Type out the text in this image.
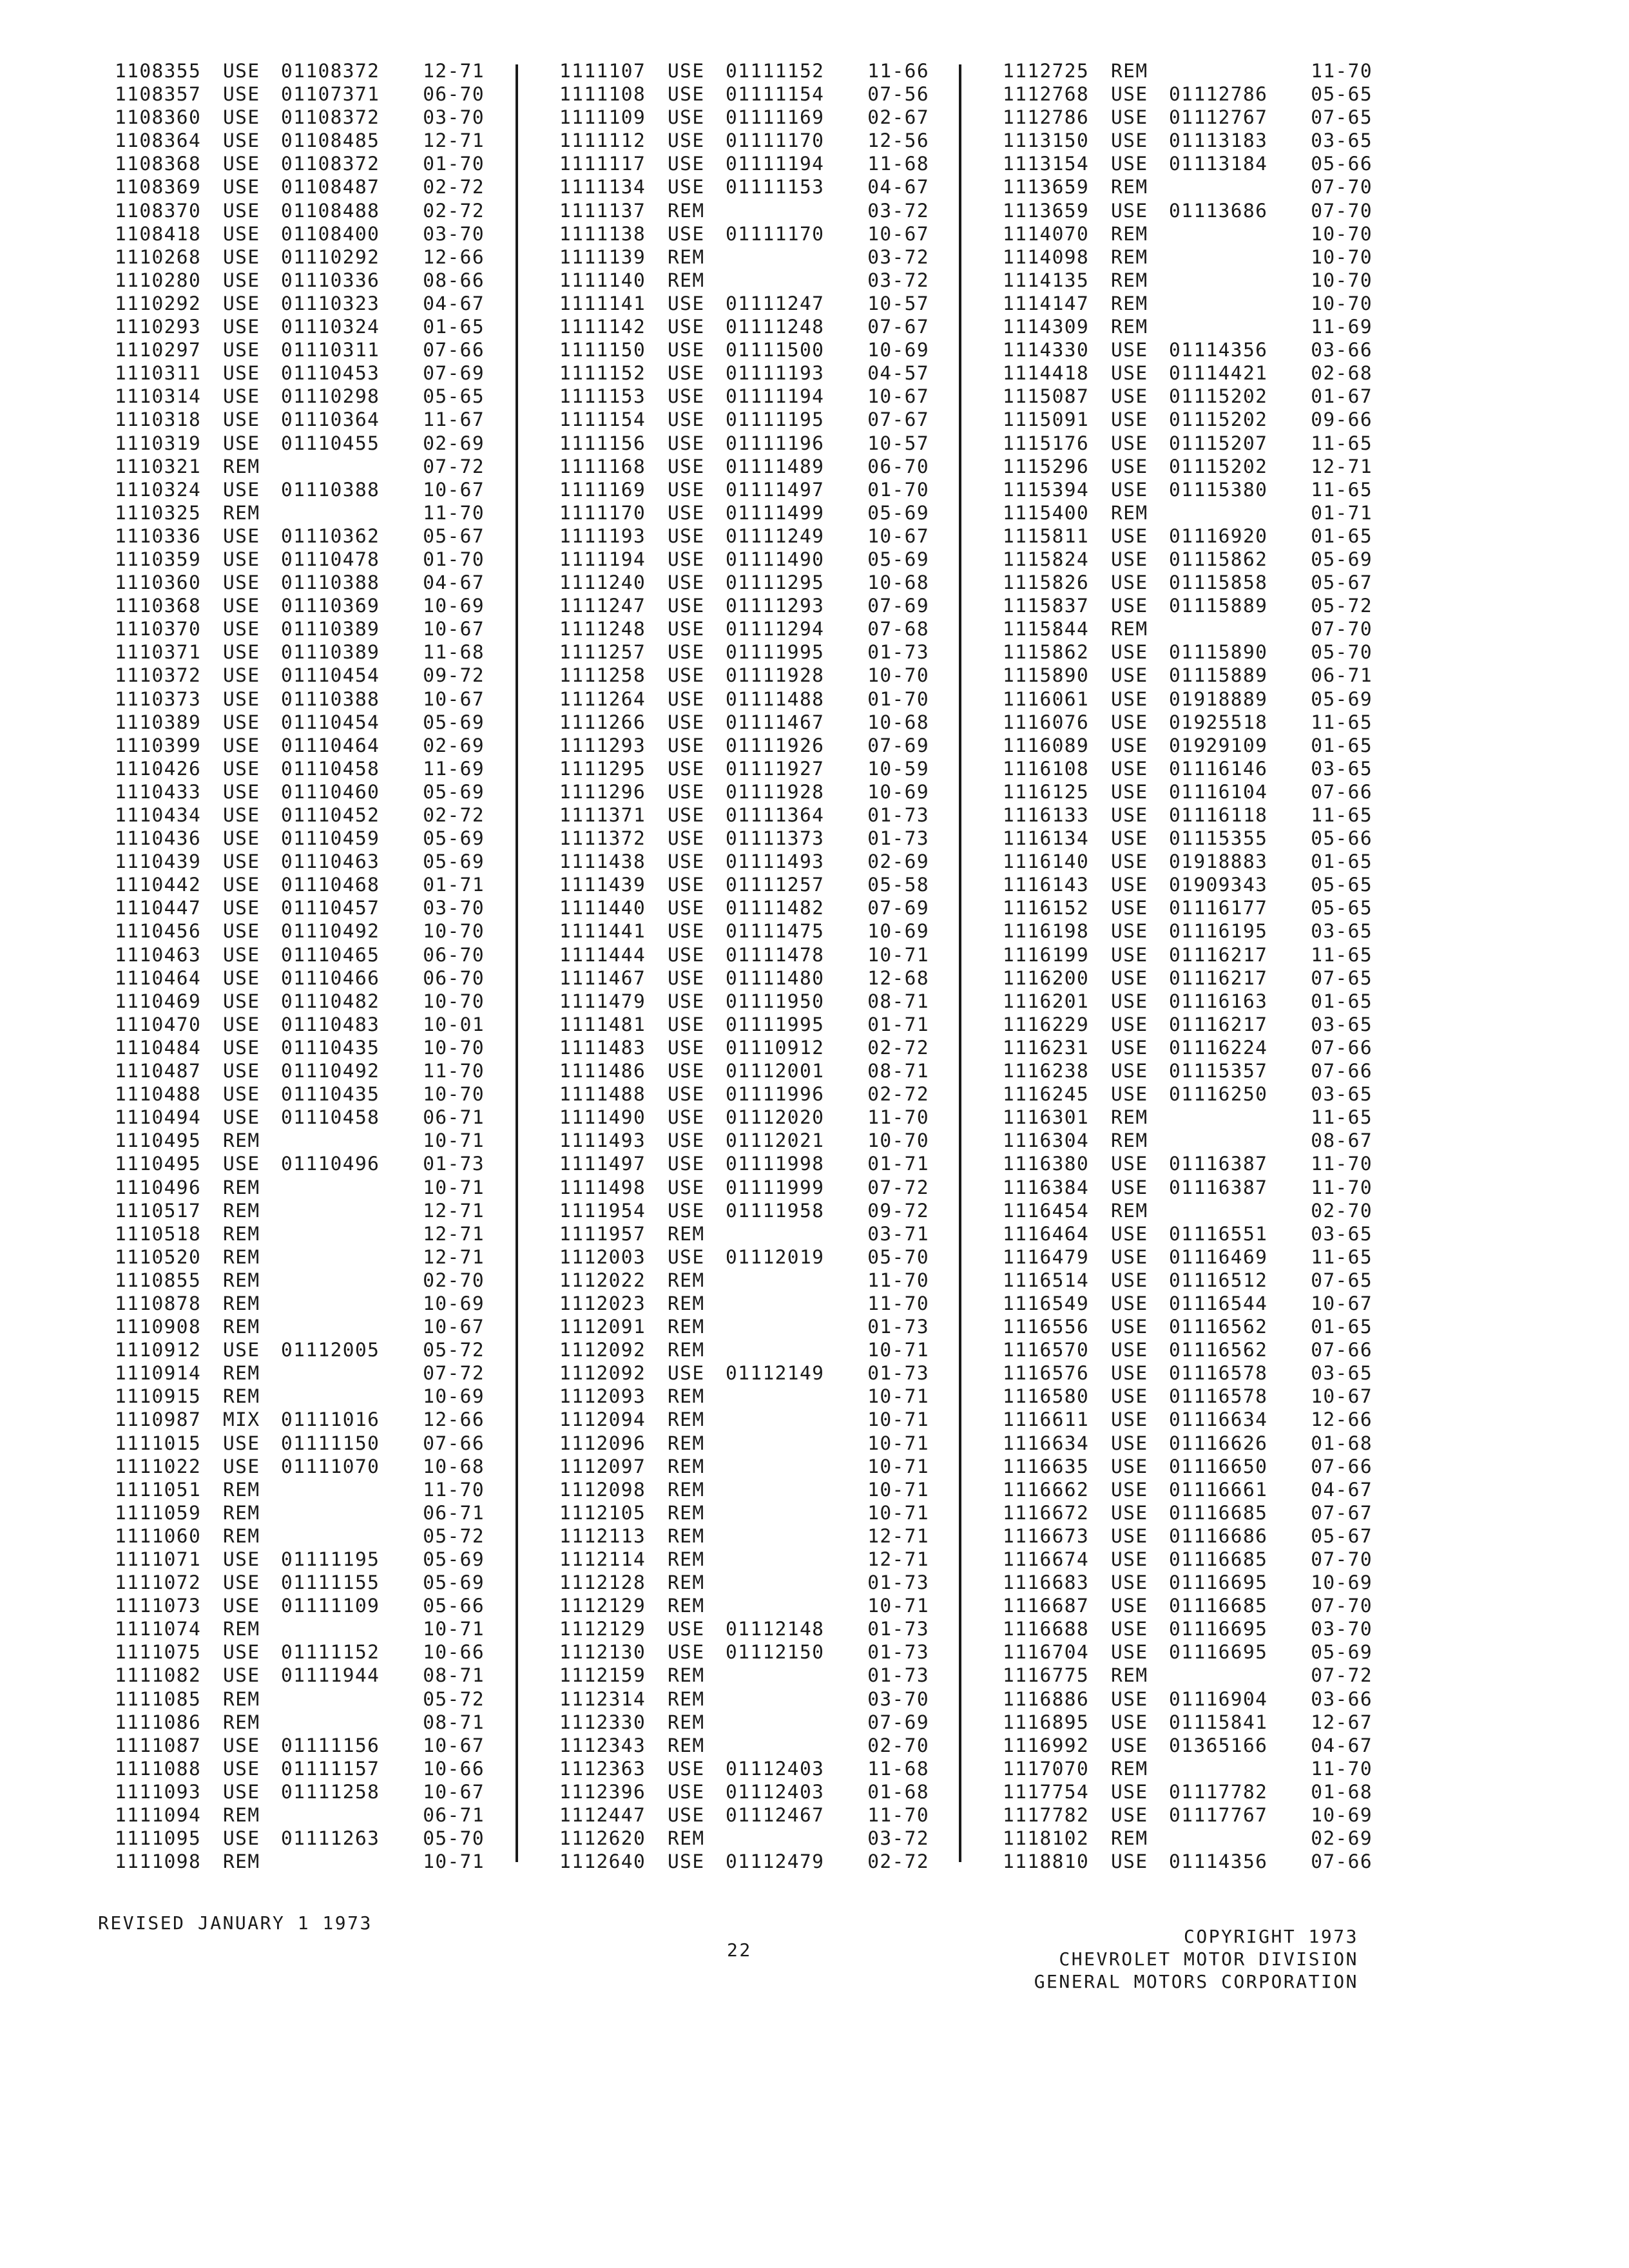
1108355 USE 01108372 12-71
1108357 USE 01107371 06-70
1108360 USE 01108372 03-70
1108364 USE 01108485 12-71
1108368 USE 01108372 01-70
1108369 USE 01108487 02-72
1108370 USE 01108488 02-72
1108418 USE 01108400 03-70
1110268 USE 01110292 12-66
1110280 USE 01110336 08-66
1110292 USE 01110323 04-67
1110293 USE 01110324 01-65
1110297 USE 01110311 07-66
1110311 USE 01110453 07-69
1110314 USE 01110298 05-65
1110318 USE 01110364 11-67
1110319 USE 01110455 02-69
1110321 REM	07-72
1110324 USE 01110388 10-67
1110325 REM	11-70
1110336 USE 01110362 05-67
1110359 USE 01110478 01-70
1110360 USE 01110388 04-67
1110368 USE 01110369 10-69
1110370 USE 01110389 10-67
1110371 USE 01110389 11-68
1110372 USE 01110454 09-72
1110373 USE 01110388 10-67
1110389 USE 01110454 05-69
1110399 USE 01110464 02-69
1110426 USE 01110458 11-69
1110433 USE 01110460 05-69
1110434 USE 01110452 02-72
1110436 USE 01110459 05-69
1110439 USE 01110463 05-69
1110442 USE 01110468 01-71
1110447 USE 01110457 03-70
1110456 USE 01110492 10-70
1110463 USE 01110465 06-70
1110464 USE 01110466 06-70
1110469 USE 01110482 10-70
1110470 USE 01110483 10-01
1110484 USE 01110435 10-70
1110487 USE 01110492 11-70
1110488 USE 01110435 10-70
1110494 USE 01110458 06-71
1110495 REM	10-71
1110495 USE 01110496 01-73
1110496 REM	10-71
1110517 REM	12-71
1110518 REM	12-71
1110520 REM	12-71
1110855 REM	02-70
1110878 REM	10-69
1110908 REM	10-67
1110912 USE 01112005 05-72
1110914 REM	07-72
1110915 REM	10-69
1110987 MIX 01111016 12-66
1111015 USE 01111150 07-66
1111022 USE 01111070 10-68
1111051 REM	11-70
1111059 REM	06-71
1111060 REM	05-72
1111071 USE 01111195 05-69
1111072 USE 01111155 05-69
1111073 USE 01111109 05-66
1111074 REM	10-71
1111075 USE 01111152 10-66
1111082 USE 01111944 08-71
1111085 REM	05-72
1111086 REM	08-71
1111087 USE 01111156 10-67
1111088 USE 01111157 10-66
1111093 USE 01111258 10-67
1111094 REM	06-71
1111095 USE 01111263 05-70
1111098 REM	10-71
1111107 USE 01111152 11-66
1111108 USE 01111154 07-56
1111109 USE 01111169 02-67
1111112 USE 01111170 12-56
1111117 USE 01111194 11-68
1111134 USE 01111153 04-67
1111137 REM	03-72
1111138 USE 01111170 10-67
1111139 REM	03-72
1111140 REM	03-72
1111141 USE 01111247 10-57
1111142 USE 01111248 07-67
1111150 USE 01111500 10-69
1111152 USE 01111193 04-57
1111153 USE 01111194 10-67
1111154 USE 01111195 07-67
1111156 USE 01111196 10-57
1111168 USE 01111489 06-70
1111169 USE 01111497 01-70
1111170 USE 01111499 05-69
1111193 USE 01111249 10-67
1111194 USE 01111490 05-69
1111240 USE 01111295 10-68
1111247 USE 01111293 07-69
1111248 USE 01111294 07-68
1111257 USE 01111995 01-73
1111258 USE 01111928 10-70
1111264 USE 01111488 01-70
1111266 USE 01111467 10-68
1111293 USE 01111926 07-69
1111295 USE 01111927 10-59
1111296 USE 01111928 10-69
1111371 USE 01111364 01-73
1111372 USE 01111373 01-73
1111438 USE 01111493 02-69
1111439 USE 01111257 05-58
1111440 USE 01111482 07-69
1111441 USE 01111475 10-69
1111444 USE 01111478 10-71
1111467 USE 01111480 12-68
1111479 USE 01111950 08-71
1111481 USE 01111995 01-71
1111483 USE 01110912 02-72
1111486 USE 01112001 08-71
1111488 USE 01111996 02-72
1111490 USE 01112020 11-70
1111493 USE 01112021 10-70
1111497 USE 01111998 01-71
1111498 USE 01111999 07-72
1111954 USE 01111958 09-72
1111957 REM	03-71
1112003 USE 01112019 05-70
1112022 REM	11-70
1112023 REM	11-70
1112091 REM	01-73
1112092 REM	10-71
1112092 USE 01112149 01-73
1112093 REM	10-71
1112094 REM	10-71
1112096 REM	10-71
1112097 REM	10-71
1112098 REM	10-71
1112105 REM	10-71
1112113 REM	12-71
1112114 REM	12-71
1112128 REM	01-73
1112129 REM	10-71
1112129 USE 01112148 01-73
1112130 USE 01112150 01-73
1112159 REM	01-73
1112314 REM	03-70
1112330 REM	07-69
1112343 REM	02-70
1112363 USE 01112403 11-68
1112396 USE 01112403 01-68
1112447 USE 01112467 11-70
1112620 REM	03-72
1112640 USE 01112479 02-72
1112725 REM	11-70
1112768 USE 01112786 05-65
1112786 USE 01112767 07-65
1113150 USE 01113183 03-65
1113154 USE 01113184 05-66
1113659 REM	07-70
1113659 USE 01113686 07-70
1114070 REM	10-70
1114098 REM	10-70
1114135 REM	10-70
1114147 REM	10-70
1114309 REM	11-69
1114330 USE 01114356 03-66
1114418 USE 01114421 02-68
1115087 USE 01115202 01-67
1115091 USE 01115202 09-66
1115176 USE 01115207 11-65
1115296 USE 01115202 12-71
1115394 USE 01115380 11-65
1115400 REM	01-71
1115811 USE 01116920 01-65
1115824 USE 01115862 05-69
1115826 USE 01115858 05-67
1115837 USE 01115889 05-72
1115844 REM	07-70
1115862 USE 01115890 05-70
1115890 USE 01115889 06-71
1116061 USE 01918889 05-69
1116076 USE 01925518 11-65
1116089 USE 01929109 01-65
1116108 USE 01116146 03-65
1116125 USE 01116104 07-66
1116133 USE 01116118 11-65
1116134 USE 01115355 05-66
1116140 USE 01918883 01-65
1116143 USE 01909343 05-65
1116152 USE 01116177 05-65
1116198 USE 01116195 03-65
1116199 USE 01116217 11-65
1116200 USE 01116217 07-65
1116201 USE 01116163 01-65
1116229 USE 01116217 03-65
1116231 USE 01116224 07-66
1116238 USE 01115357 07-66
1116245 USE 01116250 03-65
1116301 REM	11-65
1116304 REM	08-67
1116380 USE 01116387 11-70
1116384 USE 01116387 11-70
1116454 REM	02-70
1116464 USE 01116551 03-65
1116479 USE 01116469 11-65
1116514 USE 01116512 07-65
1116549 USE 01116544 10-67
1116556 USE 01116562 01-65
1116570 USE 01116562 07-66
1116576 USE 01116578 03-65
1116580 USE 01116578 10-67
1116611 USE 01116634 12-66
1116634 USE 01116626 01-68
1116635 USE 01116650 07-66
1116662 USE 01116661 04-67
1116672 USE 01116685 07-67
1116673 USE 01116686 05-67
1116674 USE 01116685 07-70
1116683 USE 01116695 10-69
1116687 USE 01116685 07-70
1116688 USE 01116695 03-70
1116704 USE 01116695 05-69
1116775 REM	07-72
1116886 USE 01116904 03-66
1116895 USE 01115841 12-67
1116992 USE 01365166 04-67
1117070 REM	11-70
1117754 USE 01117782 01-68
1117782 USE 01117767 10-69
1118102 REM	02-69
1118810 USE 01114356 07-66
REVISED JANUARY 1 1973
22
COPYRIGHT 1973
CHEVROLET MOTOR DIVISION
GENERAL MOTORS CORPORATION
